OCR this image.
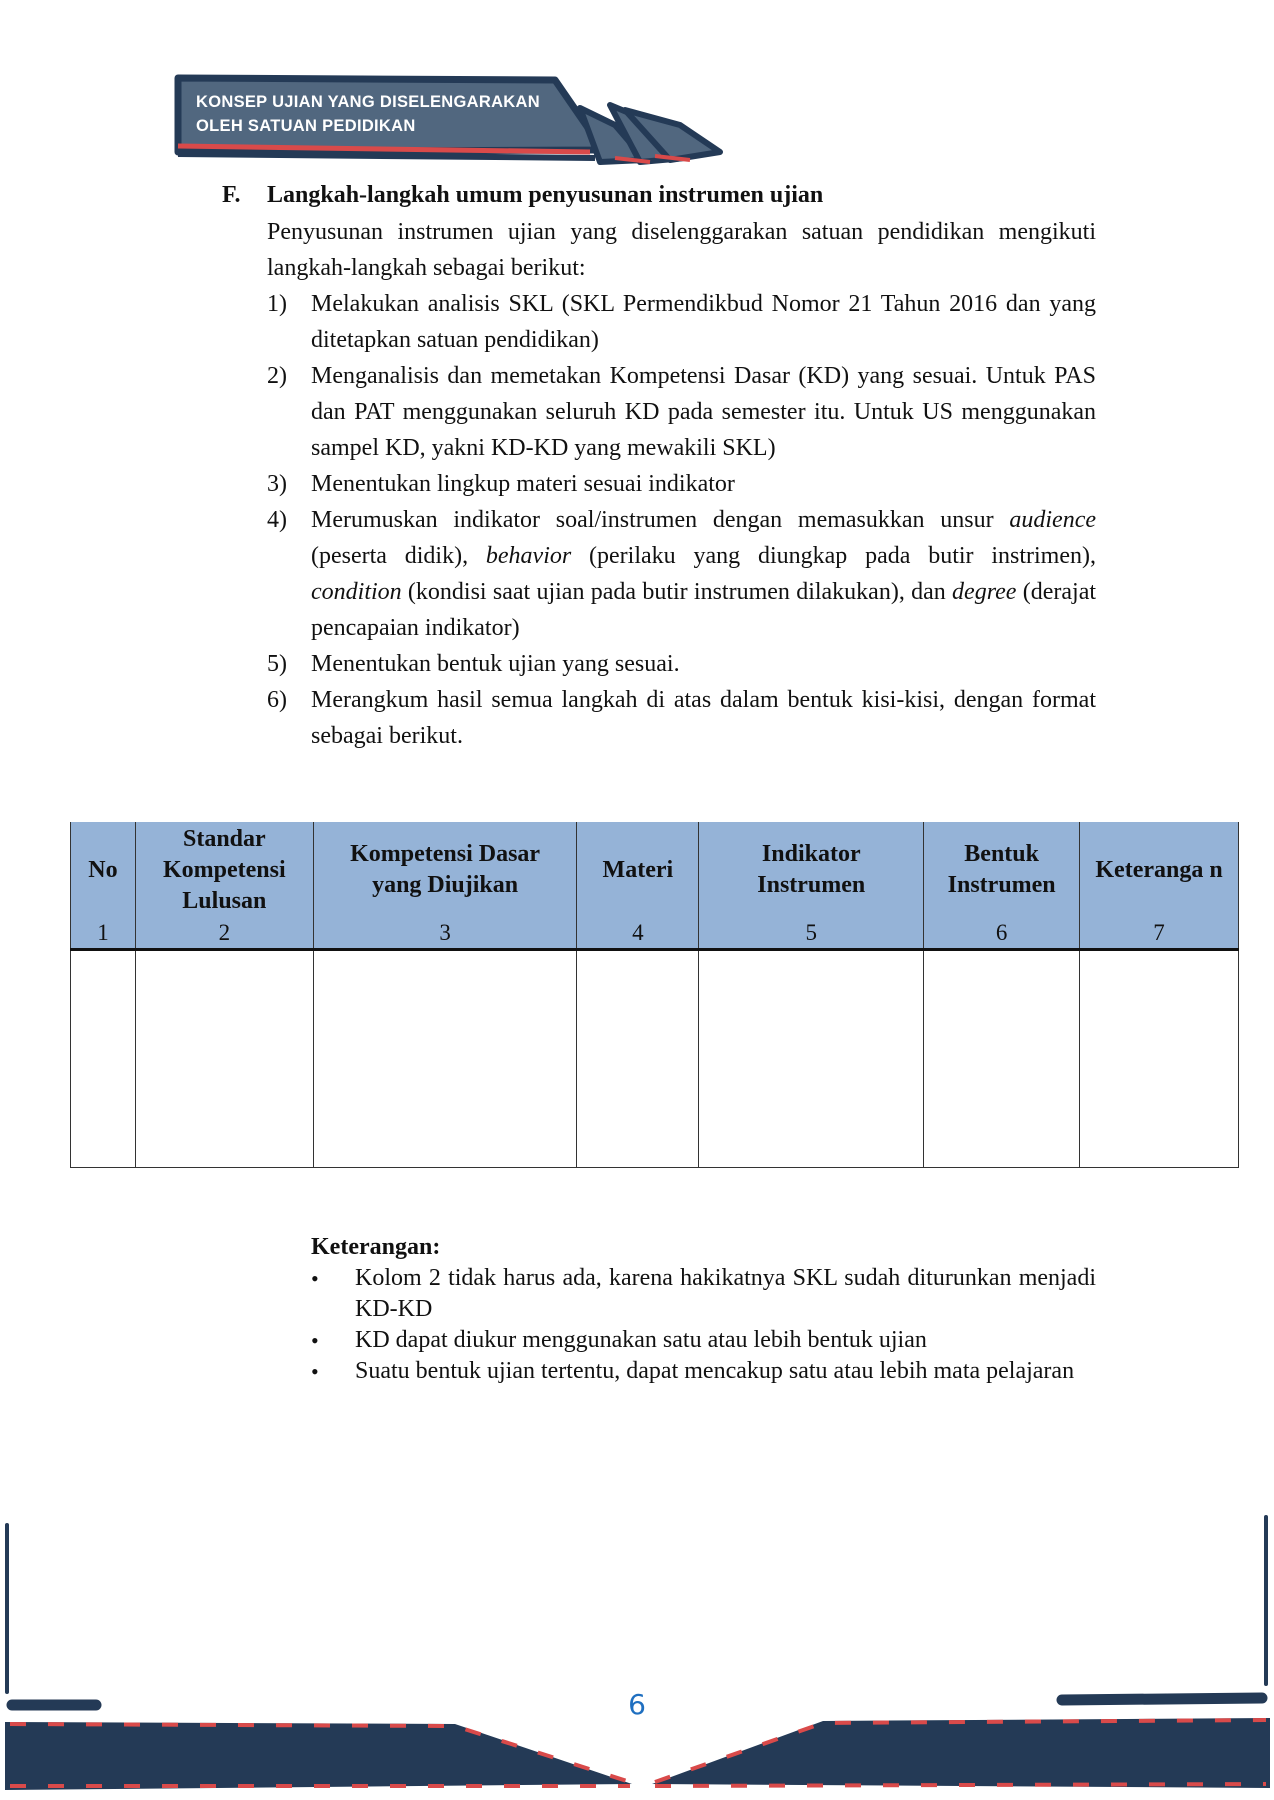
KONSEP UJIAN YANG DISELENGARAKAN
OLEH SATUAN PEDIDIKAN
F. Langkah-langkah umum penyusunan instrumen ujian

Penyusunan instrumen ujian yang diselenggarakan satuan pendidikan mengikuti langkah-langkah sebagai berikut:

1) Melakukan analisis SKL (SKL Permendikbud Nomor 21 Tahun 2016 dan yang ditetapkan satuan pendidikan)
2) Menganalisis dan memetakan Kompetensi Dasar (KD) yang sesuai. Untuk PAS dan PAT menggunakan seluruh KD pada semester itu. Untuk US menggunakan sampel KD, yakni KD-KD yang mewakili SKL)
3) Menentukan lingkup materi sesuai indikator
4) Merumuskan indikator soal/instrumen dengan memasukkan unsur audience (peserta didik), behavior (perilaku yang diungkap pada butir instrimen), condition (kondisi saat ujian pada butir instrumen dilakukan), dan degree (derajat pencapaian indikator)
5) Menentukan bentuk ujian yang sesuai.
6) Merangkum hasil semua langkah di atas dalam bentuk kisi-kisi, dengan format sebagai berikut.
No	Standar Kompetensi Lulusan	Kompetensi Dasar yang Diujikan	Materi	Indikator Instrumen	Bentuk Instrumen	Keteranga n
1	2	3	4	5	6	7

Keterangan:
• Kolom 2 tidak harus ada, karena hakikatnya SKL sudah diturunkan menjadi KD-KD
• KD dapat diukur menggunakan satu atau lebih bentuk ujian
• Suatu bentuk ujian tertentu, dapat mencakup satu atau lebih mata pelajaran
6
